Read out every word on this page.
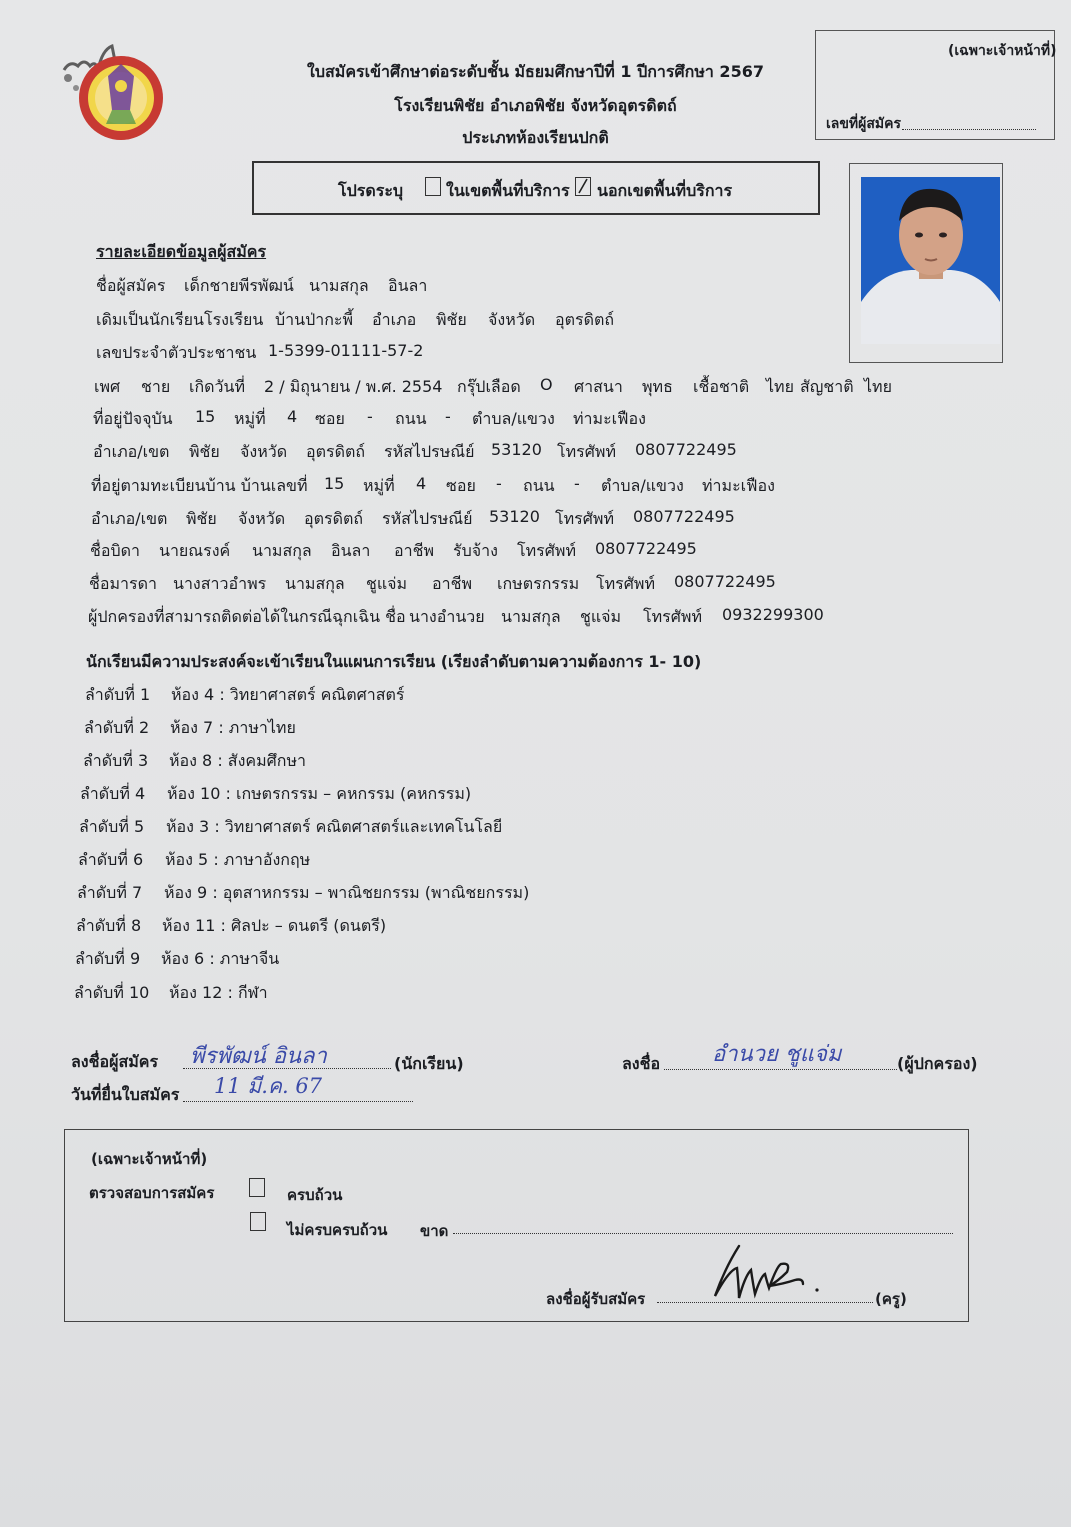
ใบสมัครเข้าศึกษาต่อระดับชั้น มัธยมศึกษาปีที่ 1 ปีการศึกษา 2567
โรงเรียนพิชัย อำเภอพิชัย จังหวัดอุตรดิตถ์
ประเภทห้องเรียนปกติ
(เฉพาะเจ้าหน้าที่)
เลขที่ผู้สมัคร
โปรดระบุ	ในเขตพื้นที่บริการ นอกเขตพื้นที่บริการ
รายละเอียดข้อมูลผู้สมัคร
ชื่อผู้สมัคร เด็กชายพีรพัฒน์ นามสกุล อินลา
เดิมเป็นนักเรียนโรงเรียน บ้านป่ากะพี้ อำเภอ พิชัย จังหวัด อุตรดิตถ์
เลขประจำตัวประชาชน 1-5399-01111-57-2
เพศ ชาย เกิดวันที่ 2 / มิถุนายน / พ.ศ. 2554 กรุ๊ปเลือด O ศาสนา พุทธ เชื้อชาติ ไทย สัญชาติ ไทย
ที่อยู่ปัจจุบัน 15 หมู่ที่ 4 ซอย - ถนน - ตำบล/แขวง ท่ามะเฟือง
อำเภอ/เขต พิชัย จังหวัด อุตรดิตถ์ รหัสไปรษณีย์ 53120 โทรศัพท์ 0807722495
ที่อยู่ตามทะเบียนบ้าน บ้านเลขที่ 15 หมู่ที่ 4 ซอย - ถนน - ตำบล/แขวง ท่ามะเฟือง
อำเภอ/เขต พิชัย จังหวัด อุตรดิตถ์ รหัสไปรษณีย์ 53120 โทรศัพท์ 0807722495
ชื่อบิดา นายณรงค์ นามสกุล อินลา อาชีพ รับจ้าง โทรศัพท์ 0807722495
ชื่อมารดา นางสาวอำพร นามสกุล ชูแจ่ม อาชีพ เกษตรกรรม โทรศัพท์ 0807722495
ผู้ปกครองที่สามารถติดต่อได้ในกรณีฉุกเฉิน ชื่อ นางอำนวย นามสกุล ชูแจ่ม โทรศัพท์ 0932299300
นักเรียนมีความประสงค์จะเข้าเรียนในแผนการเรียน (เรียงลำดับตามความต้องการ 1- 10)
ลำดับที่ 1 ห้อง 4 : วิทยาศาสตร์ คณิตศาสตร์
ลำดับที่ 2 ห้อง 7 : ภาษาไทย
ลำดับที่ 3 ห้อง 8 : สังคมศึกษา
ลำดับที่ 4 ห้อง 10 : เกษตรกรรม – คหกรรม (คหกรรม)
ลำดับที่ 5 ห้อง 3 : วิทยาศาสตร์ คณิตศาสตร์และเทคโนโลยี
ลำดับที่ 6 ห้อง 5 : ภาษาอังกฤษ
ลำดับที่ 7 ห้อง 9 : อุตสาหกรรม – พาณิชยกรรม (พาณิชยกรรม)
ลำดับที่ 8 ห้อง 11 : ศิลปะ – ดนตรี (ดนตรี)
ลำดับที่ 9 ห้อง 6 : ภาษาจีน
ลำดับที่ 10 ห้อง 12 : กีฬา
ลงชื่อผู้สมัคร พีรพัฒน์ อินลา	(นักเรียน)
วันที่ยื่นใบสมัคร 11 มี.ค. 67
ลงชื่อ อำนวย ชูแจ่ม	(ผู้ปกครอง)
(เฉพาะเจ้าหน้าที่)
ตรวจสอบการสมัคร	ครบถ้วน
ไม่ครบครบถ้วน ขาด
ลงชื่อผู้รับสมัคร	(ครู)
